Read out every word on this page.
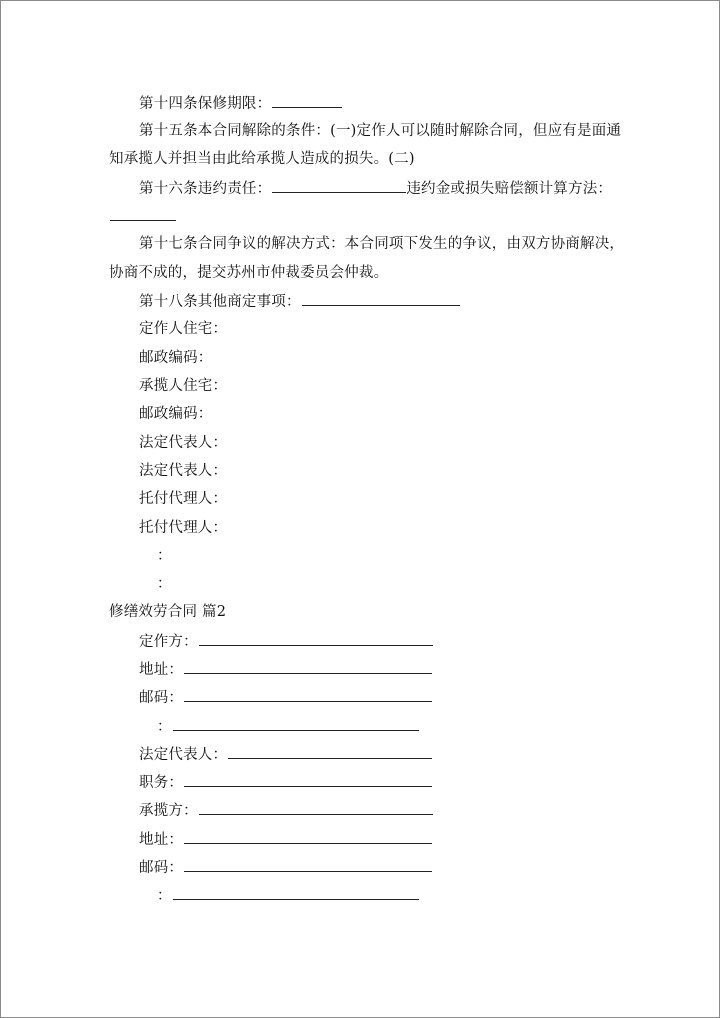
第十四条保修期限：
第十五条本合同解除的条件：(一)定作人可以随时解除合同，但应有是面通
知承揽人并担当由此给承揽人造成的损失。(二)
第十六条违约责任：	违约金或损失赔偿额计算方法：
第十七条合同争议的解决方式：本合同项下发生的争议，由双方协商解决，
协商不成的，提交苏州市仲裁委员会仲裁。
第十八条其他商定事项：
定作人住宅：
邮政编码：
承揽人住宅：
邮政编码：
法定代表人：
法定代表人：
托付代理人：
托付代理人：
：
：
修缮效劳合同 篇2
定作方：
地址：
邮码：
：
法定代表人：
职务：
承揽方：
地址：
邮码：
：
